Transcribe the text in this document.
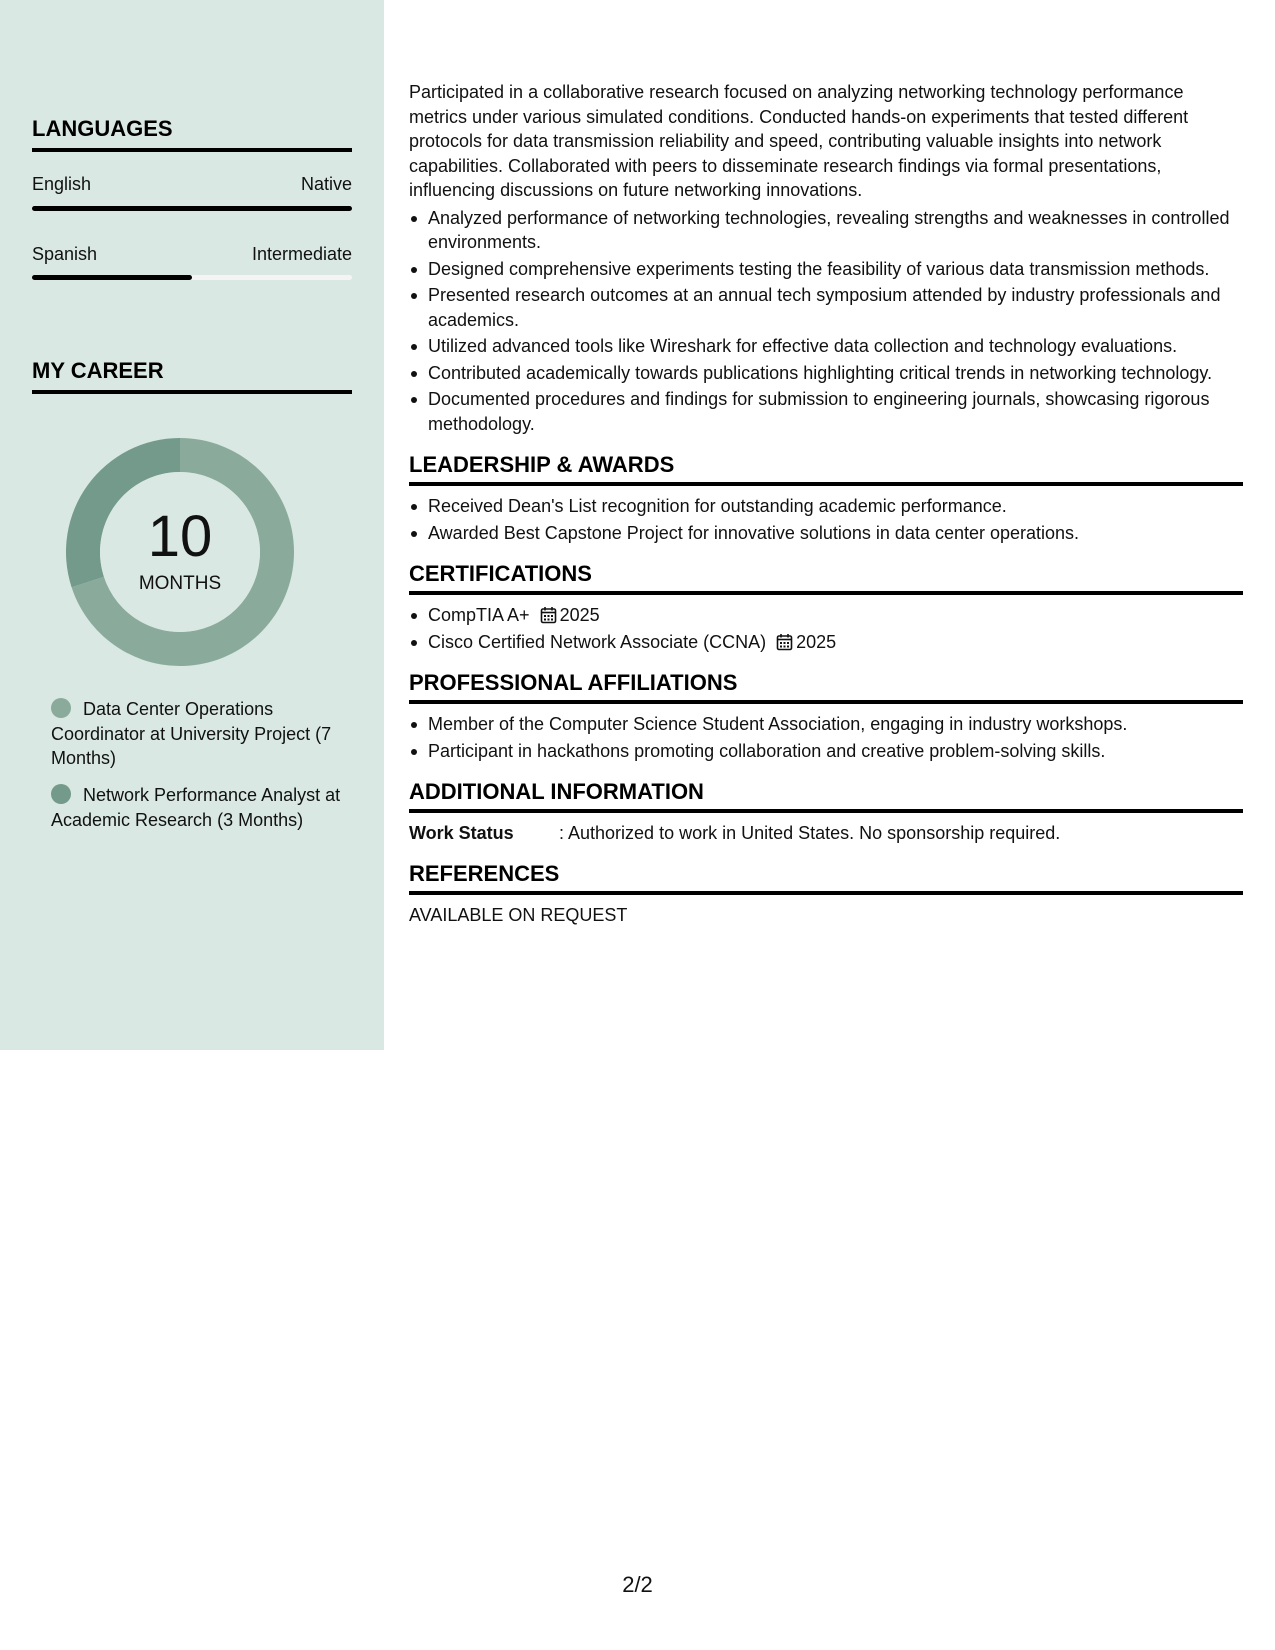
LANGUAGES
English	Native
Spanish	Intermediate
MY CAREER
10
MONTHS
Data Center Operations Coordinator at University Project (7 Months)
Network Performance Analyst at Academic Research (3 Months)

Participated in a collaborative research focused on analyzing networking technology performance metrics under various simulated conditions. Conducted hands-on experiments that tested different protocols for data transmission reliability and speed, contributing valuable insights into network capabilities. Collaborated with peers to disseminate research findings via formal presentations, influencing discussions on future networking innovations.

Analyzed performance of networking technologies, revealing strengths and weaknesses in controlled environments.
Designed comprehensive experiments testing the feasibility of various data transmission methods.
Presented research outcomes at an annual tech symposium attended by industry professionals and academics.
Utilized advanced tools like Wireshark for effective data collection and technology evaluations.
Contributed academically towards publications highlighting critical trends in networking technology.
Documented procedures and findings for submission to engineering journals, showcasing rigorous methodology.
LEADERSHIP & AWARDS
Received Dean's List recognition for outstanding academic performance.
Awarded Best Capstone Project for innovative solutions in data center operations.
CERTIFICATIONS
CompTIA A+ 2025
Cisco Certified Network Associate (CCNA) 2025
PROFESSIONAL AFFILIATIONS
Member of the Computer Science Student Association, engaging in industry workshops.
Participant in hackathons promoting collaboration and creative problem-solving skills.
ADDITIONAL INFORMATION
Work Status	: Authorized to work in United States. No sponsorship required.
REFERENCES
AVAILABLE ON REQUEST
2/2
